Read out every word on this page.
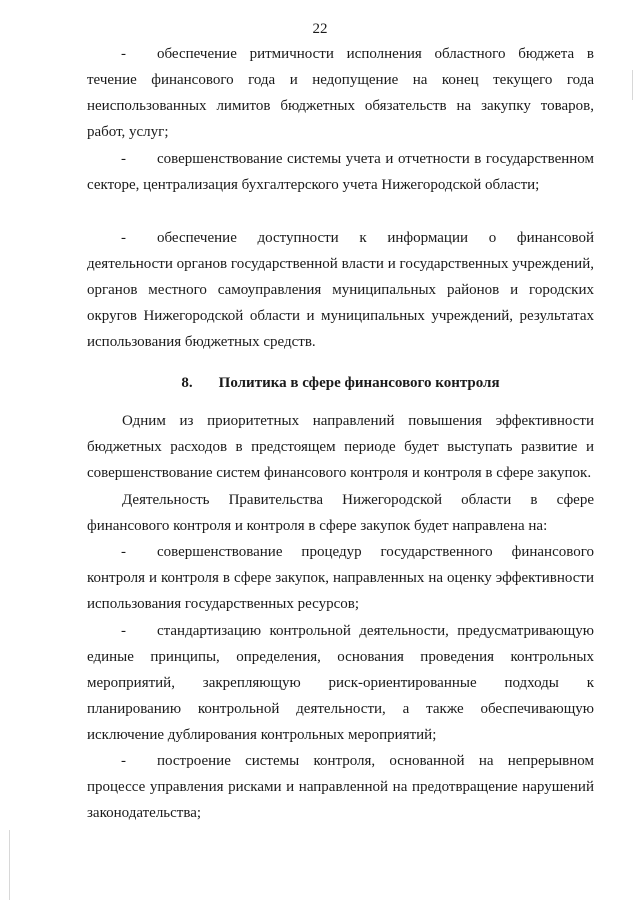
22
- обеспечение ритмичности исполнения областного бюджета в течение финансового года и недопущение на конец текущего года неиспользованных лимитов бюджетных обязательств на закупку товаров, работ, услуг;
- совершенствование системы учета и отчетности в государственном секторе, централизация бухгалтерского учета Нижегородской области;
- обеспечение доступности к информации о финансовой деятельности органов государственной власти и государственных учреждений, органов местного самоуправления муниципальных районов и городских округов Нижегородской области и муниципальных учреждений, результатах использования бюджетных средств.
8. Политика в сфере финансового контроля
Одним из приоритетных направлений повышения эффективности бюджетных расходов в предстоящем периоде будет выступать развитие и совершенствование систем финансового контроля и контроля в сфере закупок.
Деятельность Правительства Нижегородской области в сфере финансового контроля и контроля в сфере закупок будет направлена на:
- совершенствование процедур государственного финансового контроля и контроля в сфере закупок, направленных на оценку эффективности использования государственных ресурсов;
- стандартизацию контрольной деятельности, предусматривающую единые принципы, определения, основания проведения контрольных мероприятий, закрепляющую риск-ориентированные подходы к планированию контрольной деятельности, а также обеспечивающую исключение дублирования контрольных мероприятий;
- построение системы контроля, основанной на непрерывном процессе управления рисками и направленной на предотвращение нарушений законодательства;
